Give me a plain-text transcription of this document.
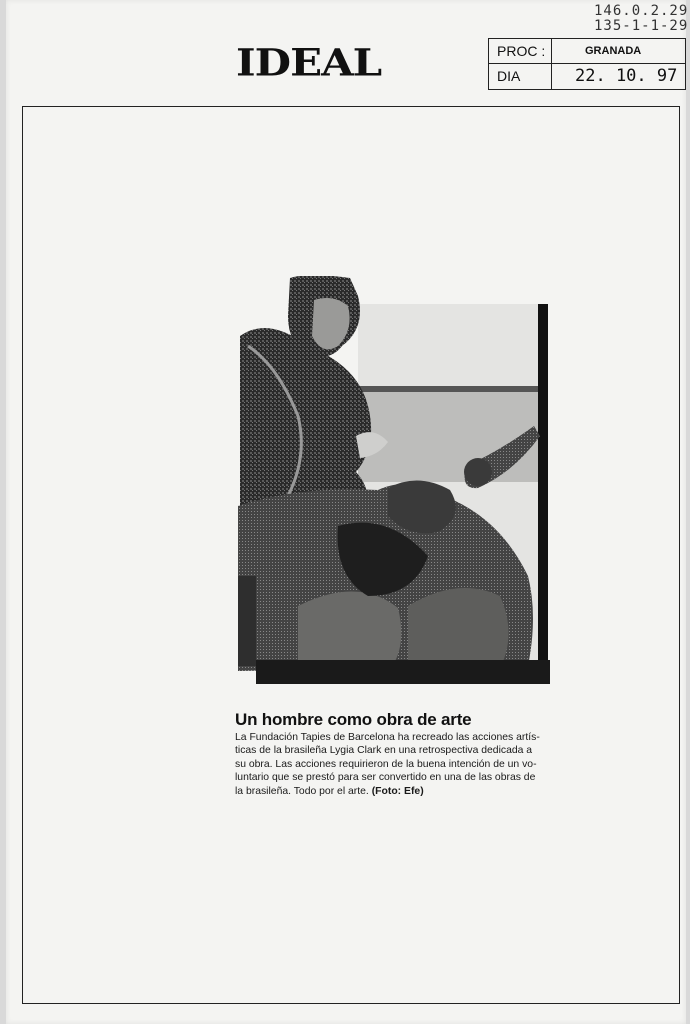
146.0.2.29
135-1-1-29
IDEAL	PROC :	GRANADA
DIA	22. 10. 97
Un hombre como obra de arte
La Fundación Tapies de Barcelona ha recreado las acciones artís-
ticas de la brasileña Lygia Clark en una retrospectiva dedicada a
su obra. Las acciones requirieron de la buena intención de un vo-
luntario que se prestó para ser convertido en una de las obras de
la brasileña. Todo por el arte. (Foto: Efe)
